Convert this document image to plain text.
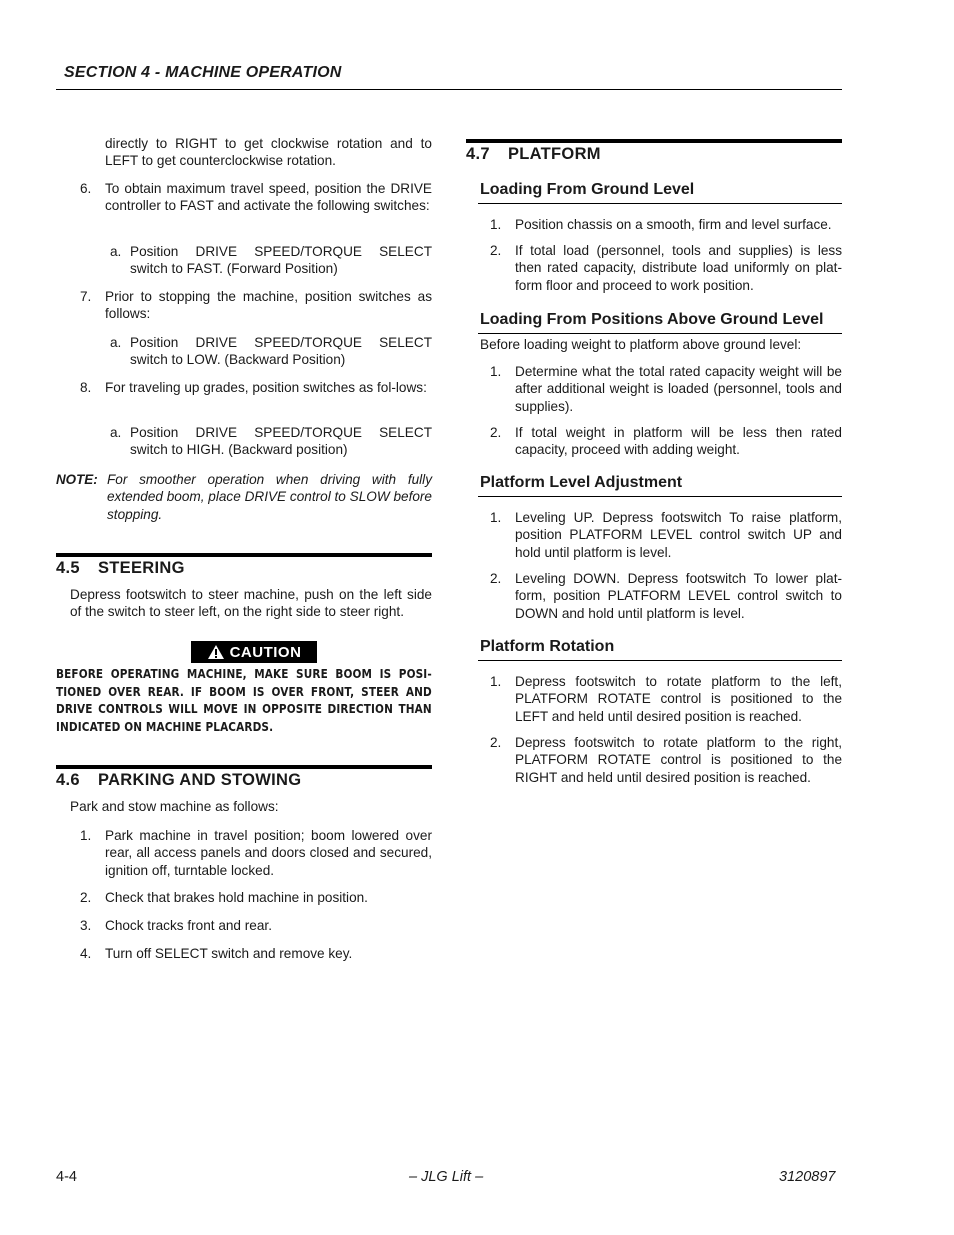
SECTION 4 - MACHINE OPERATION
directly to RIGHT to get clockwise rotation and to LEFT to get counterclockwise rotation.
6.	To obtain maximum travel speed, position the DRIVE controller to FAST and activate the following switches:
a. Position DRIVE SPEED/TORQUE SELECT switch to FAST. (Forward Position)
7.	Prior to stopping the machine, position switches as follows:
a. Position DRIVE SPEED/TORQUE SELECT switch to LOW. (Backward Position)
8.	For traveling up grades, position switches as fol-lows:
a. Position DRIVE SPEED/TORQUE SELECT switch to HIGH. (Backward position)
NOTE: For smoother operation when driving with fully extended boom, place DRIVE control to SLOW before stopping.
4.5 STEERING
Depress footswitch to steer machine, push on the left side of the switch to steer left, on the right side to steer right.
CAUTION
BEFORE OPERATING MACHINE, MAKE SURE BOOM IS POSI-TIONED OVER REAR. IF BOOM IS OVER FRONT, STEER AND DRIVE CONTROLS WILL MOVE IN OPPOSITE DIRECTION THAN INDICATED ON MACHINE PLACARDS.
4.6 PARKING AND STOWING
Park and stow machine as follows:
1.	Park machine in travel position; boom lowered over rear, all access panels and doors closed and secured, ignition off, turntable locked.
2.	Check that brakes hold machine in position.
3.	Chock tracks front and rear.
4.	Turn off SELECT switch and remove key.
4.7 PLATFORM
Loading From Ground Level
1.	Position chassis on a smooth, firm and level surface.
2.	If total load (personnel, tools and supplies) is less then rated capacity, distribute load uniformly on plat-form floor and proceed to work position.
Loading From Positions Above Ground Level
Before loading weight to platform above ground level:
1.	Determine what the total rated capacity weight will be after additional weight is loaded (personnel, tools and supplies).
2.	If total weight in platform will be less then rated capacity, proceed with adding weight.
Platform Level Adjustment
1.	Leveling UP. Depress footswitch To raise platform, position PLATFORM LEVEL control switch UP and hold until platform is level.
2.	Leveling DOWN. Depress footswitch To lower plat-form, position PLATFORM LEVEL control switch to DOWN and hold until platform is level.
Platform Rotation
1.	Depress footswitch to rotate platform to the left, PLATFORM ROTATE control is positioned to the LEFT and held until desired position is reached.
2.	Depress footswitch to rotate platform to the right, PLATFORM ROTATE control is positioned to the RIGHT and held until desired position is reached.
4-4	– JLG Lift –	3120897
